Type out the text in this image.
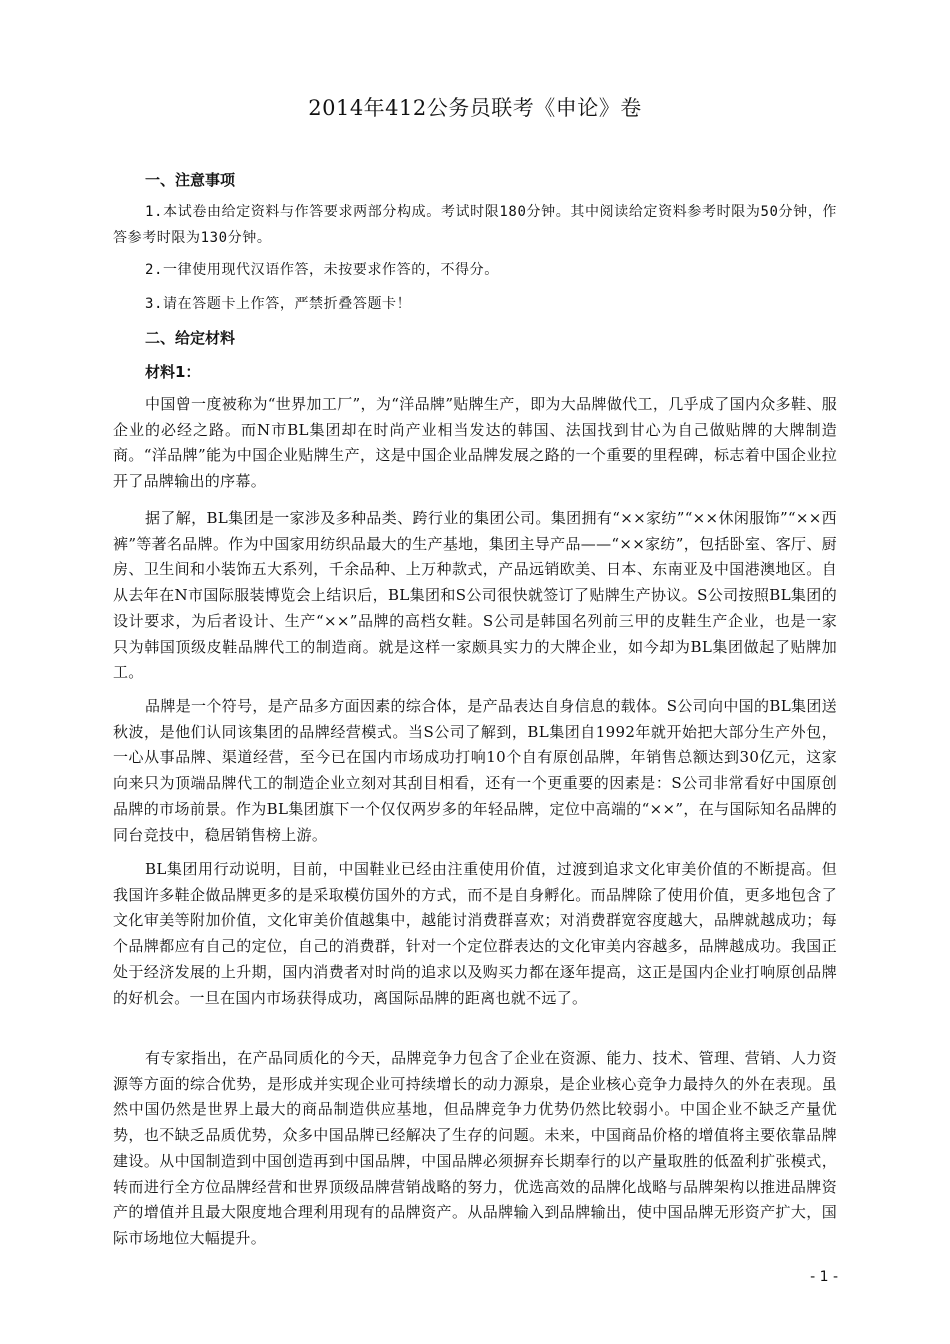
2014年412公务员联考《申论》卷
一、注意事项
1.本试卷由给定资料与作答要求两部分构成。考试时限180分钟。其中阅读给定资料参考时限为50分钟，作答参考时限为130分钟。
2.一律使用现代汉语作答，未按要求作答的，不得分。
3.请在答题卡上作答，严禁折叠答题卡！
二、给定材料
材料1：
中国曾一度被称为“世界加工厂”，为“洋品牌”贴牌生产，即为大品牌做代工，几乎成了国内众多鞋、服企业的必经之路。而N市BL集团却在时尚产业相当发达的韩国、法国找到甘心为自己做贴牌的大牌制造商。“洋品牌”能为中国企业贴牌生产，这是中国企业品牌发展之路的一个重要的里程碑，标志着中国企业拉开了品牌输出的序幕。
据了解，BL集团是一家涉及多种品类、跨行业的集团公司。集团拥有“××家纺”“××休闲服饰”“××西裤”等著名品牌。作为中国家用纺织品最大的生产基地，集团主导产品——“××家纺”，包括卧室、客厅、厨房、卫生间和小装饰五大系列，千余品种、上万种款式，产品远销欧美、日本、东南亚及中国港澳地区。自从去年在N市国际服装博览会上结识后，BL集团和S公司很快就签订了贴牌生产协议。S公司按照BL集团的设计要求，为后者设计、生产“××”品牌的高档女鞋。S公司是韩国名列前三甲的皮鞋生产企业，也是一家只为韩国顶级皮鞋品牌代工的制造商。就是这样一家颇具实力的大牌企业，如今却为BL集团做起了贴牌加工。
品牌是一个符号，是产品多方面因素的综合体，是产品表达自身信息的载体。S公司向中国的BL集团送秋波，是他们认同该集团的品牌经营模式。当S公司了解到，BL集团自1992年就开始把大部分生产外包，一心从事品牌、渠道经营，至今已在国内市场成功打响10个自有原创品牌，年销售总额达到30亿元，这家向来只为顶端品牌代工的制造企业立刻对其刮目相看，还有一个更重要的因素是：S公司非常看好中国原创品牌的市场前景。作为BL集团旗下一个仅仅两岁多的年轻品牌，定位中高端的“××”，在与国际知名品牌的同台竞技中，稳居销售榜上游。
BL集团用行动说明，目前，中国鞋业已经由注重使用价值，过渡到追求文化审美价值的不断提高。但我国许多鞋企做品牌更多的是采取模仿国外的方式，而不是自身孵化。而品牌除了使用价值，更多地包含了文化审美等附加价值，文化审美价值越集中，越能讨消费群喜欢；对消费群宽容度越大，品牌就越成功；每个品牌都应有自己的定位，自己的消费群，针对一个定位群表达的文化审美内容越多，品牌越成功。我国正处于经济发展的上升期，国内消费者对时尚的追求以及购买力都在逐年提高，这正是国内企业打响原创品牌的好机会。一旦在国内市场获得成功，离国际品牌的距离也就不远了。
有专家指出，在产品同质化的今天，品牌竞争力包含了企业在资源、能力、技术、管理、营销、人力资源等方面的综合优势，是形成并实现企业可持续增长的动力源泉，是企业核心竞争力最持久的外在表现。虽然中国仍然是世界上最大的商品制造供应基地，但品牌竞争力优势仍然比较弱小。中国企业不缺乏产量优势，也不缺乏品质优势，众多中国品牌已经解决了生存的问题。未来，中国商品价格的增值将主要依靠品牌建设。从中国制造到中国创造再到中国品牌，中国品牌必须摒弃长期奉行的以产量取胜的低盈利扩张模式，转而进行全方位品牌经营和世界顶级品牌营销战略的努力，优选高效的品牌化战略与品牌架构以推进品牌资产的增值并且最大限度地合理利用现有的品牌资产。从品牌输入到品牌输出，使中国品牌无形资产扩大，国际市场地位大幅提升。
- 1 -
